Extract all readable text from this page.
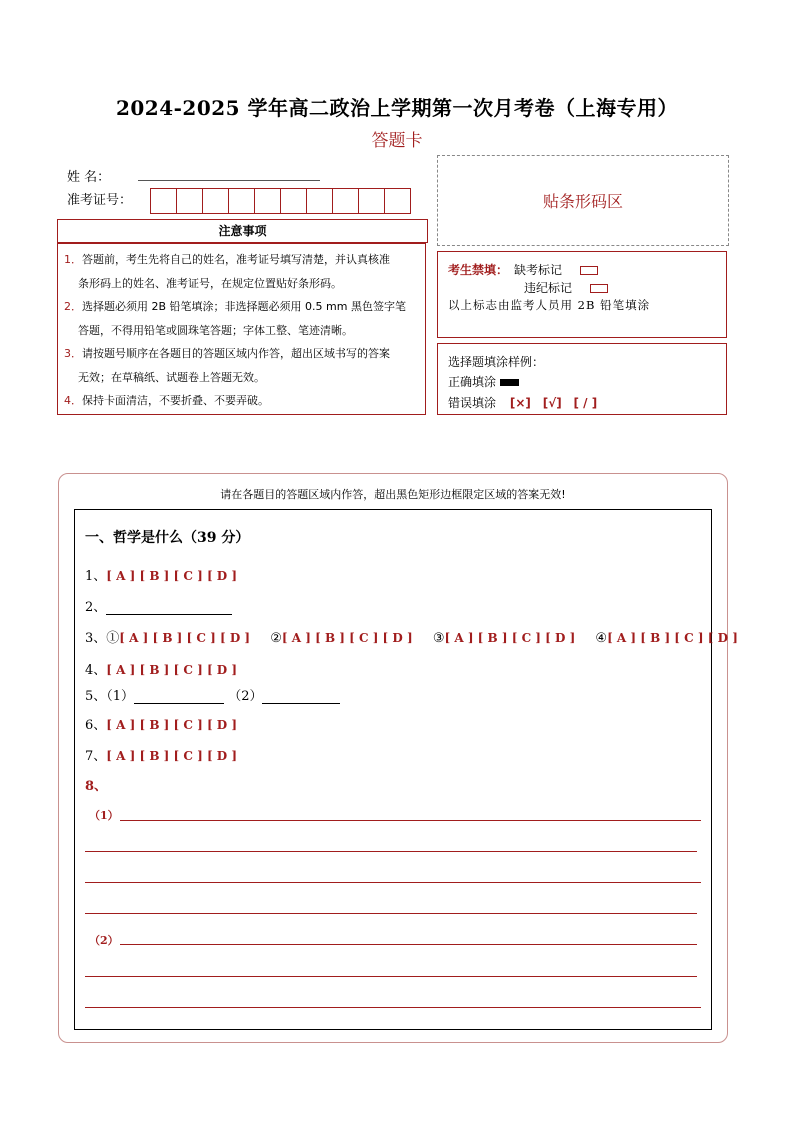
2024-2025 学年高二政治上学期第一次月考卷（上海专用）
答题卡
姓 名：
准考证号：	贴条形码区
注意事项
1．答题前，考生先将自己的姓名，准考证号填写清楚，并认真核准
条形码上的姓名、准考证号，在规定位置贴好条形码。
2．选择题必须用 2B 铅笔填涂；非选择题必须用 0.5 mm 黑色签字笔
答题，不得用铅笔或圆珠笔答题；字体工整、笔迹清晰。
3．请按题号顺序在各题目的答题区域内作答，超出区域书写的答案
无效；在草稿纸、试题卷上答题无效。
4．保持卡面清洁，不要折叠、不要弄破。
考生禁填： 缺考标记
违纪标记
以上标志由监考人员用 2B 铅笔填涂
选择题填涂样例：
正确填涂
错误填涂 [×] [√] [ / ]
请在各题目的答题区域内作答，超出黑色矩形边框限定区域的答案无效!
一、哲学是什么（39 分）
1、[ A ] [ B ] [ C ] [ D ]
2、
3、①[ A ] [ B ] [ C ] [ D ] ②[ A ] [ B ] [ C ] [ D ] ③[ A ] [ B ] [ C ] [ D ] ④[ A ] [ B ] [ C ] [ D ]
4、[ A ] [ B ] [ C ] [ D ]
5、（1）	（2）
6、[ A ] [ B ] [ C ] [ D ]
7、[ A ] [ B ] [ C ] [ D ]
8、
（1）
（2）
